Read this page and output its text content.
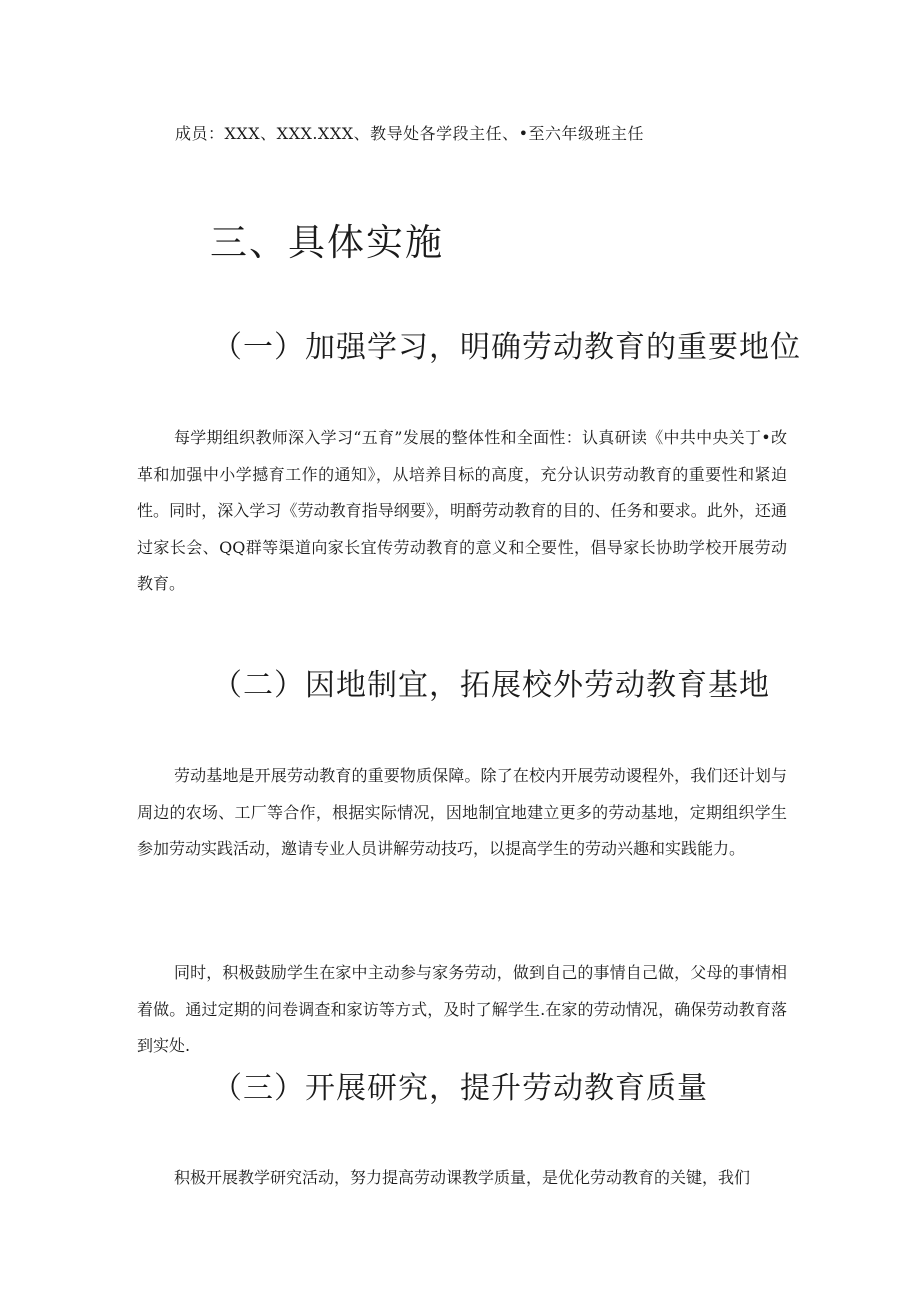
成员：XXX、XXX.XXX、教导处各学段主任、•至六年级班主任
三、具体实施
（一）加强学习，明确劳动教育的重要地位

每学期组织教师深入学习“五育”发展的整体性和全面性：认真研读《中共中央关丁•改革和加强中小学撼育工作的通知》，从培养目标的高度，充分认识劳动教育的重要性和紧迫性。同时，深入学习《劳动教育指导纲要》，明酹劳动教育的目的、任务和要求。此外，还通过家长会、QQ群等渠道向家长宜传劳动教育的意义和仝要性，倡导家长协助学校开展劳动教育。

（二）因地制宜，拓展校外劳动教育基地

劳动基地是开展劳动教育的重要物质保障。除了在校内开展劳动谡程外，我们还计划与周边的农场、工厂等合作，根据实际情况，因地制宜地建立更多的劳动基地，定期组织学生参加劳动实践活动，邀请专业人员讲解劳动技巧，以提高学生的劳动兴趣和实践能力。

同时，积极鼓励学生在家中主动参与家务劳动，做到自己的事情自己做，父母的事情相着做。通过定期的问卷调查和家访等方式，及时了解学生.在家的劳动情况，确保劳动教育落到实处.

（三）开展研究，提升劳动教育质量

积极开展教学研究活动，努力提高劳动课教学质量，是优化劳动教育的关键，我们
